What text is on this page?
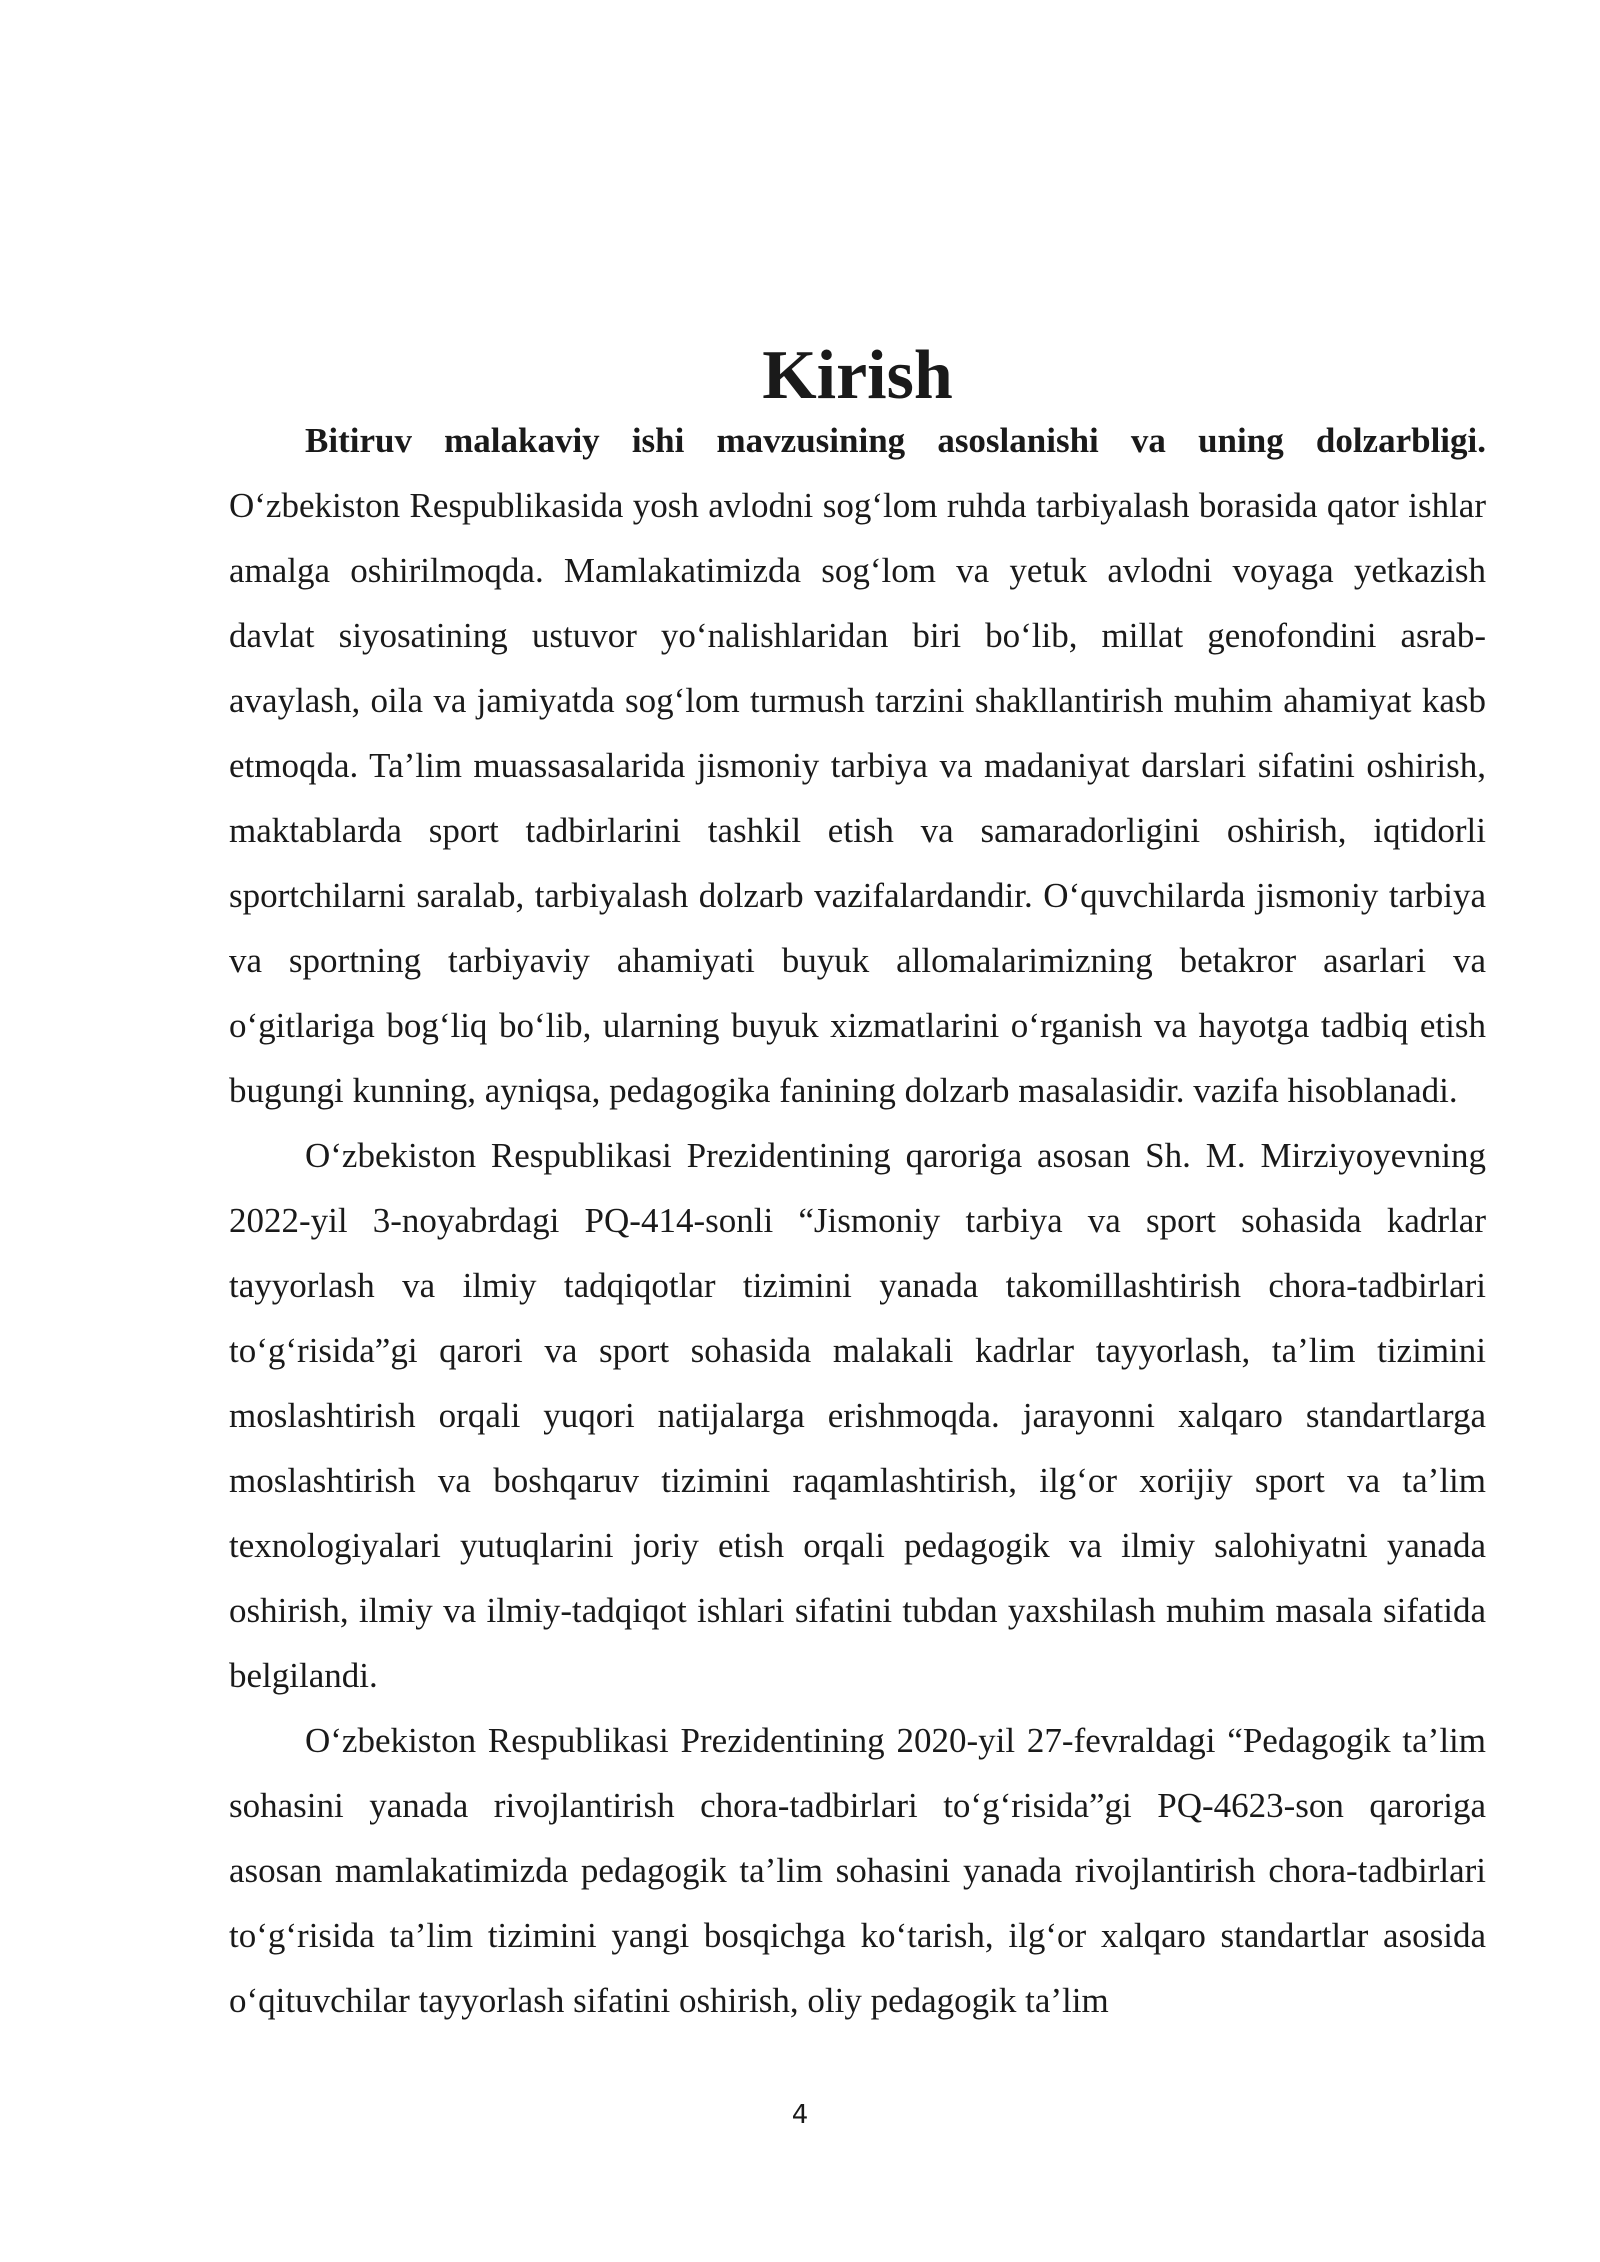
Kirish

Bitiruv malakaviy ishi mavzusining asoslanishi va uning dolzarbligi. O‘zbekiston Respublikasida yosh avlodni sog‘lom ruhda tarbiyalash borasida qator ishlar amalga oshirilmoqda. Mamlakatimizda sog‘lom va yetuk avlodni voyaga yetkazish davlat siyosatining ustuvor yo‘nalishlaridan biri bo‘lib, millat genofondini asrab-avaylash, oila va jamiyatda sog‘lom turmush tarzini shakllantirish muhim ahamiyat kasb etmoqda. Ta’lim muassasalarida jismoniy tarbiya va madaniyat darslari sifatini oshirish, maktablarda sport tadbirlarini tashkil etish va samaradorligini oshirish, iqtidorli sportchilarni saralab, tarbiyalash dolzarb vazifalardandir. O‘quvchilarda jismoniy tarbiya va sportning tarbiyaviy ahamiyati buyuk allomalarimizning betakror asarlari va o‘gitlariga bog‘liq bo‘lib, ularning buyuk xizmatlarini o‘rganish va hayotga tadbiq etish bugungi kunning, ayniqsa, pedagogika fanining dolzarb masalasidir. vazifa hisoblanadi.

O‘zbekiston Respublikasi Prezidentining qaroriga asosan Sh. M. Mirziyoyevning 2022-yil 3-noyabrdagi PQ-414-sonli “Jismoniy tarbiya va sport sohasida kadrlar tayyorlash va ilmiy tadqiqotlar tizimini yanada takomillashtirish chora-tadbirlari to‘g‘risida”gi qarori va sport sohasida malakali kadrlar tayyorlash, ta’lim tizimini moslashtirish orqali yuqori natijalarga erishmoqda. jarayonni xalqaro standartlarga moslashtirish va boshqaruv tizimini raqamlashtirish, ilg‘or xorijiy sport va ta’lim texnologiyalari yutuqlarini joriy etish orqali pedagogik va ilmiy salohiyatni yanada oshirish, ilmiy va ilmiy-tadqiqot ishlari sifatini tubdan yaxshilash muhim masala sifatida belgilandi.

O‘zbekiston Respublikasi Prezidentining 2020-yil 27-fevraldagi “Pedagogik ta’lim sohasini yanada rivojlantirish chora-tadbirlari to‘g‘risida”gi PQ-4623-son qaroriga asosan mamlakatimizda pedagogik ta’lim sohasini yanada rivojlantirish chora-tadbirlari to‘g‘risida ta’lim tizimini yangi bosqichga ko‘tarish, ilg‘or xalqaro standartlar asosida o‘qituvchilar tayyorlash sifatini oshirish, oliy pedagogik ta’lim

4
